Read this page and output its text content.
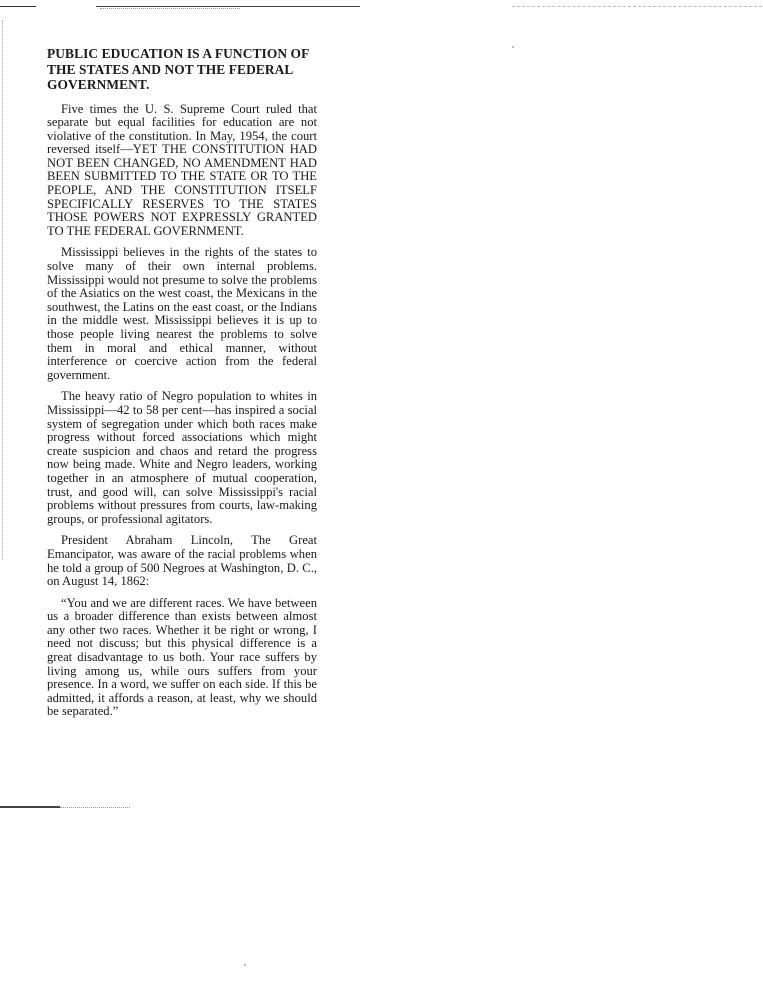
PUBLIC EDUCATION IS A FUNCTION OF THE STATES AND NOT THE FEDERAL GOVERNMENT.

Five times the U. S. Supreme Court ruled that separate but equal facilities for education are not violative of the constitution. In May, 1954, the court reversed itself—YET THE CONSTITUTION HAD NOT BEEN CHANGED, NO AMENDMENT HAD BEEN SUBMITTED TO THE STATE OR TO THE PEOPLE, AND THE CONSTITUTION ITSELF SPECIFICALLY RESERVES TO THE STATES THOSE POWERS NOT EXPRESSLY GRANTED TO THE FEDERAL GOVERNMENT.

Mississippi believes in the rights of the states to solve many of their own internal problems. Mississippi would not presume to solve the problems of the Asiatics on the west coast, the Mexicans in the southwest, the Latins on the east coast, or the Indians in the middle west. Mississippi believes it is up to those people living nearest the problems to solve them in moral and ethical manner, without interference or coercive action from the federal government.

The heavy ratio of Negro population to whites in Mississippi—42 to 58 per cent—has inspired a social system of segregation under which both races make progress without forced associations which might create suspicion and chaos and retard the progress now being made. White and Negro leaders, working together in an atmosphere of mutual cooperation, trust, and good will, can solve Mississippi's racial problems without pressures from courts, law-making groups, or professional agitators.

President Abraham Lincoln, The Great Emancipator, was aware of the racial problems when he told a group of 500 Negroes at Washington, D. C., on August 14, 1862:

“You and we are different races. We have between us a broader difference than exists between almost any other two races. Whether it be right or wrong, I need not discuss; but this physical difference is a great disadvantage to us both. Your race suffers by living among us, while ours suffers from your presence. In a word, we suffer on each side. If this be admitted, it affords a reason, at least, why we should be separated.”
